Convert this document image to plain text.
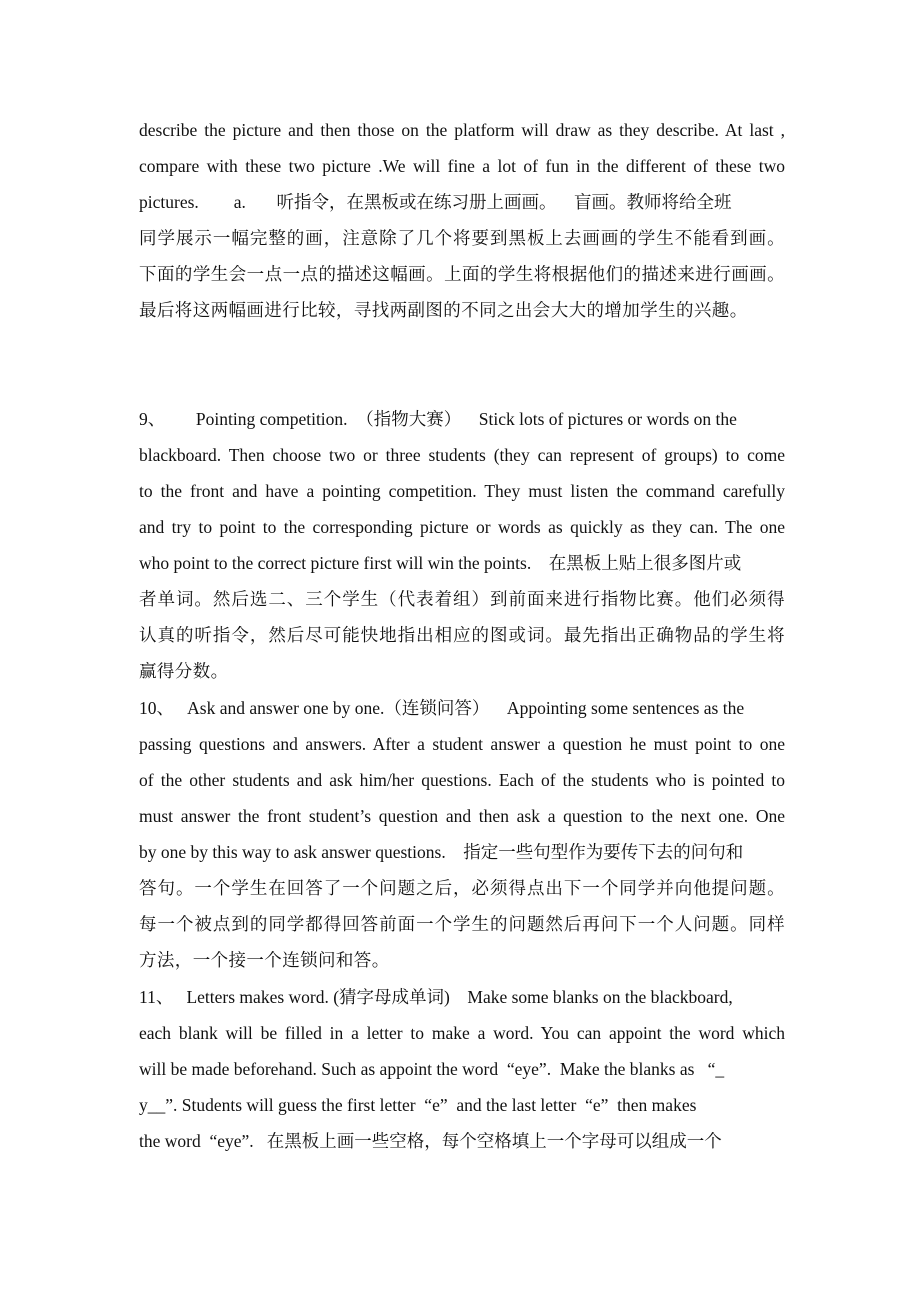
describe the picture and then those on the platform will draw as they describe. At last ,
compare with these two picture .We will fine a lot of fun in the different of these two
pictures.        a.       听指令，在黑板或在练习册上画画。    盲画。教师将给全班
同学展示一幅完整的画，注意除了几个将要到黑板上去画画的学生不能看到画。
下面的学生会一点一点的描述这幅画。上面的学生将根据他们的描述来进行画画。
最后将这两幅画进行比较，寻找两副图的不同之出会大大的增加学生的兴趣。
9、       Pointing competition.  （指物大赛）    Stick lots of pictures or words on the
blackboard. Then choose two or three students (they can represent of groups) to come
to the front and have a pointing competition. They must listen the command carefully
and try to point to the corresponding picture or words as quickly as they can. The one
who point to the correct picture first will win the points.    在黑板上贴上很多图片或
者单词。然后选二、三个学生（代表着组）到前面来进行指物比赛。他们必须得
认真的听指令，然后尽可能快地指出相应的图或词。最先指出正确物品的学生将
赢得分数。
10、   Ask and answer one by one.（连锁问答）    Appointing some sentences as the
passing questions and answers. After a student answer a question he must point to one
of the other students and ask him/her questions. Each of the students who is pointed to
must answer the front student’s question and then ask a question to the next one. One
by one by this way to ask answer questions.    指定一些句型作为要传下去的问句和
答句。一个学生在回答了一个问题之后，必须得点出下一个同学并向他提问题。
每一个被点到的同学都得回答前面一个学生的问题然后再问下一个人问题。同样
方法，一个接一个连锁问和答。
11、   Letters makes word. (猜字母成单词)    Make some blanks on the blackboard,
each blank will be filled in a letter to make a word. You can appoint the word which
will be made beforehand. Such as appoint the word  “eye”.  Make the blanks as   “_
y__”. Students will guess the first letter  “e”  and the last letter  “e”  then makes
the word  “eye”.   在黑板上画一些空格，每个空格填上一个字母可以组成一个
